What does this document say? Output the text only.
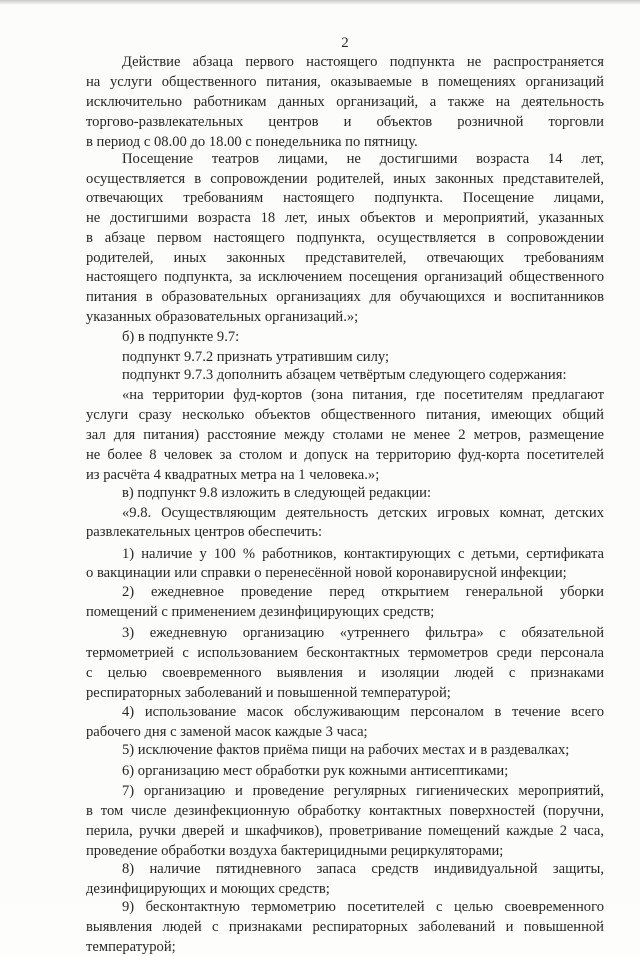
2
Действие абзаца первого настоящего подпункта не распространяется
на услуги общественного питания, оказываемые в помещениях организаций
исключительно работникам данных организаций, а также на деятельность
торгово-развлекательных центров и объектов розничной торговли
в период с 08.00 до 18.00 с понедельника по пятницу.
Посещение театров лицами, не достигшими возраста 14 лет,
осуществляется в сопровождении родителей, иных законных представителей,
отвечающих требованиям настоящего подпункта. Посещение лицами,
не достигшими возраста 18 лет, иных объектов и мероприятий, указанных
в абзаце первом настоящего подпункта, осуществляется в сопровождении
родителей, иных законных представителей, отвечающих требованиям
настоящего подпункта, за исключением посещения организаций общественного
питания в образовательных организациях для обучающихся и воспитанников
указанных образовательных организаций.»;
б) в подпункте 9.7:
подпункт 9.7.2 признать утратившим силу;
подпункт 9.7.3 дополнить абзацем четвёртым следующего содержания:
«на территории фуд-кортов (зона питания, где посетителям предлагают
услуги сразу несколько объектов общественного питания, имеющих общий
зал для питания) расстояние между столами не менее 2 метров, размещение
не более 8 человек за столом и допуск на территорию фуд-корта посетителей
из расчёта 4 квадратных метра на 1 человека.»;
в) подпункт 9.8 изложить в следующей редакции:
«9.8. Осуществляющим деятельность детских игровых комнат, детских
развлекательных центров обеспечить:
1) наличие у 100 % работников, контактирующих с детьми, сертификата
о вакцинации или справки о перенесённой новой коронавирусной инфекции;
2) ежедневное проведение перед открытием генеральной уборки
помещений с применением дезинфицирующих средств;
3) ежедневную организацию «утреннего фильтра» с обязательной
термометрией с использованием бесконтактных термометров среди персонала
с целью своевременного выявления и изоляции людей с признаками
респираторных заболеваний и повышенной температурой;
4) использование масок обслуживающим персоналом в течение всего
рабочего дня с заменой масок каждые 3 часа;
5) исключение фактов приёма пищи на рабочих местах и в раздевалках;
6) организацию мест обработки рук кожными антисептиками;
7) организацию и проведение регулярных гигиенических мероприятий,
в том числе дезинфекционную обработку контактных поверхностей (поручни,
перила, ручки дверей и шкафчиков), проветривание помещений каждые 2 часа,
проведение обработки воздуха бактерицидными рециркуляторами;
8) наличие пятидневного запаса средств индивидуальной защиты,
дезинфицирующих и моющих средств;
9) бесконтактную термометрию посетителей с целью своевременного
выявления людей с признаками респираторных заболеваний и повышенной
температурой;
